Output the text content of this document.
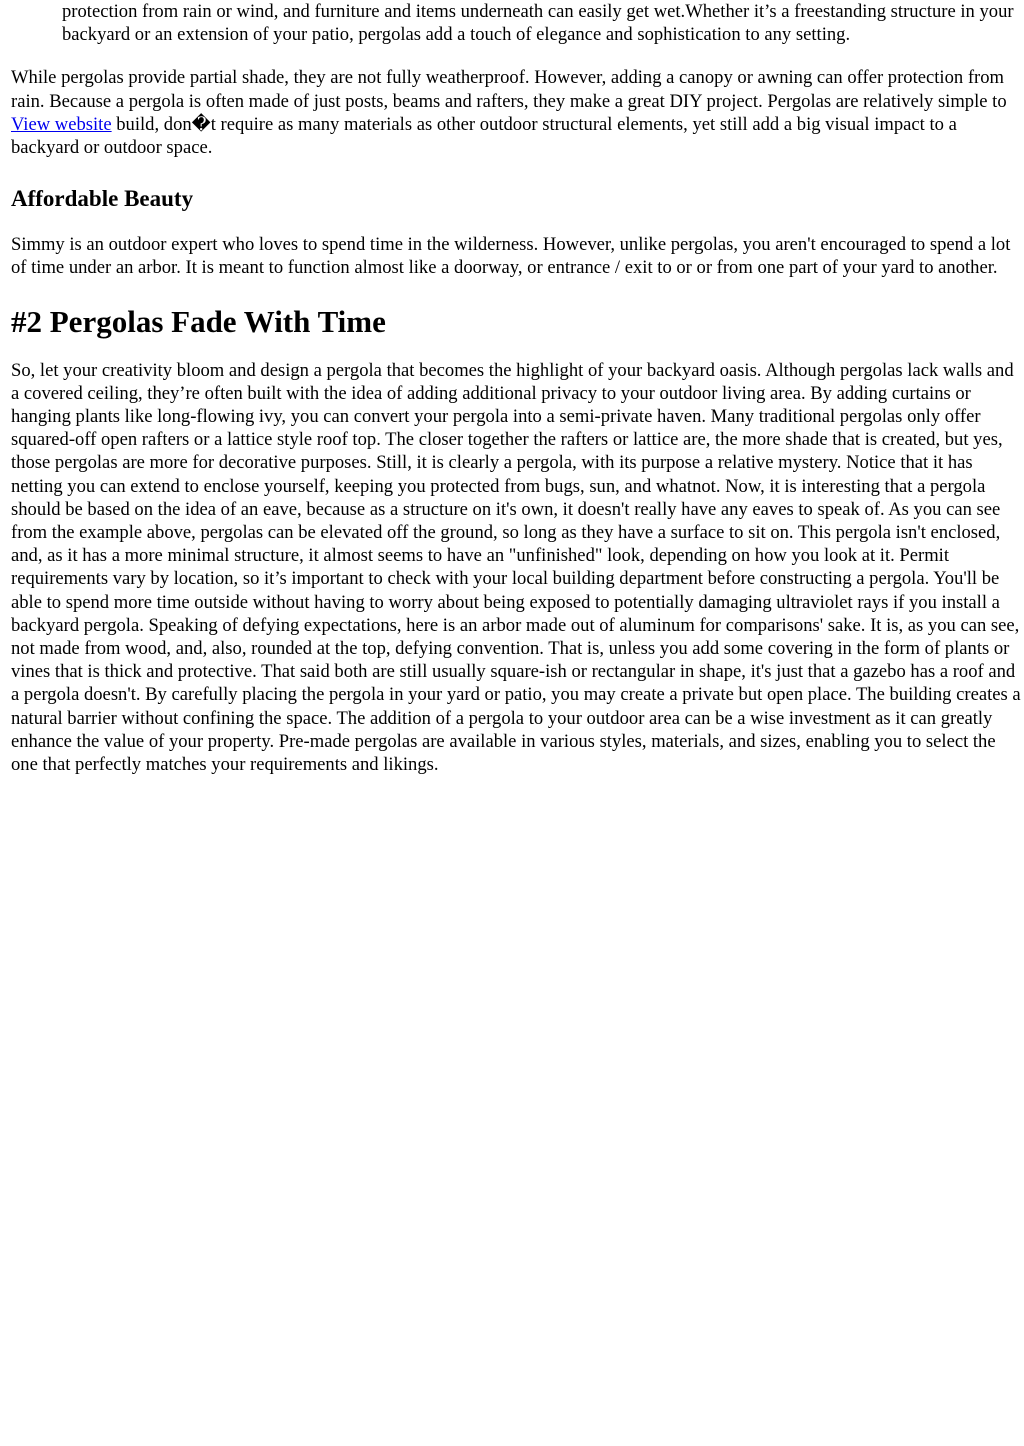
protection from rain or wind, and furniture and items underneath can easily get wet.Whether it’s a freestanding structure in your backyard or an extension of your patio, pergolas add a touch of elegance and sophistication to any setting.

While pergolas provide partial shade, they are not fully weatherproof. However, adding a canopy or awning can offer protection from rain. Because a pergola is often made of just posts, beams and rafters, they make a great DIY project. Pergolas are relatively simple to View website build, don�t require as many materials as other outdoor structural elements, yet still add a big visual impact to a backyard or outdoor space.

Affordable Beauty

Simmy is an outdoor expert who loves to spend time in the wilderness. However, unlike pergolas, you aren't encouraged to spend a lot of time under an arbor. It is meant to function almost like a doorway, or entrance / exit to or or from one part of your yard to another.

#2 Pergolas Fade With Time

So, let your creativity bloom and design a pergola that becomes the highlight of your backyard oasis. Although pergolas lack walls and a covered ceiling, they’re often built with the idea of adding additional privacy to your outdoor living area. By adding curtains or hanging plants like long-flowing ivy, you can convert your pergola into a semi-private haven. Many traditional pergolas only offer squared-off open rafters or a lattice style roof top. The closer together the rafters or lattice are, the more shade that is created, but yes, those pergolas are more for decorative purposes. Still, it is clearly a pergola, with its purpose a relative mystery. Notice that it has netting you can extend to enclose yourself, keeping you protected from bugs, sun, and whatnot. Now, it is interesting that a pergola should be based on the idea of an eave, because as a structure on it's own, it doesn't really have any eaves to speak of. As you can see from the example above, pergolas can be elevated off the ground, so long as they have a surface to sit on. This pergola isn't enclosed, and, as it has a more minimal structure, it almost seems to have an "unfinished" look, depending on how you look at it. Permit requirements vary by location, so it’s important to check with your local building department before constructing a pergola. You'll be able to spend more time outside without having to worry about being exposed to potentially damaging ultraviolet rays if you install a backyard pergola. Speaking of defying expectations, here is an arbor made out of aluminum for comparisons' sake. It is, as you can see, not made from wood, and, also, rounded at the top, defying convention. That is, unless you add some covering in the form of plants or vines that is thick and protective. That said both are still usually square-ish or rectangular in shape, it's just that a gazebo has a roof and a pergola doesn't. By carefully placing the pergola in your yard or patio, you may create a private but open place. The building creates a natural barrier without confining the space. The addition of a pergola to your outdoor area can be a wise investment as it can greatly enhance the value of your property. Pre-made pergolas are available in various styles, materials, and sizes, enabling you to select the one that perfectly matches your requirements and likings.
